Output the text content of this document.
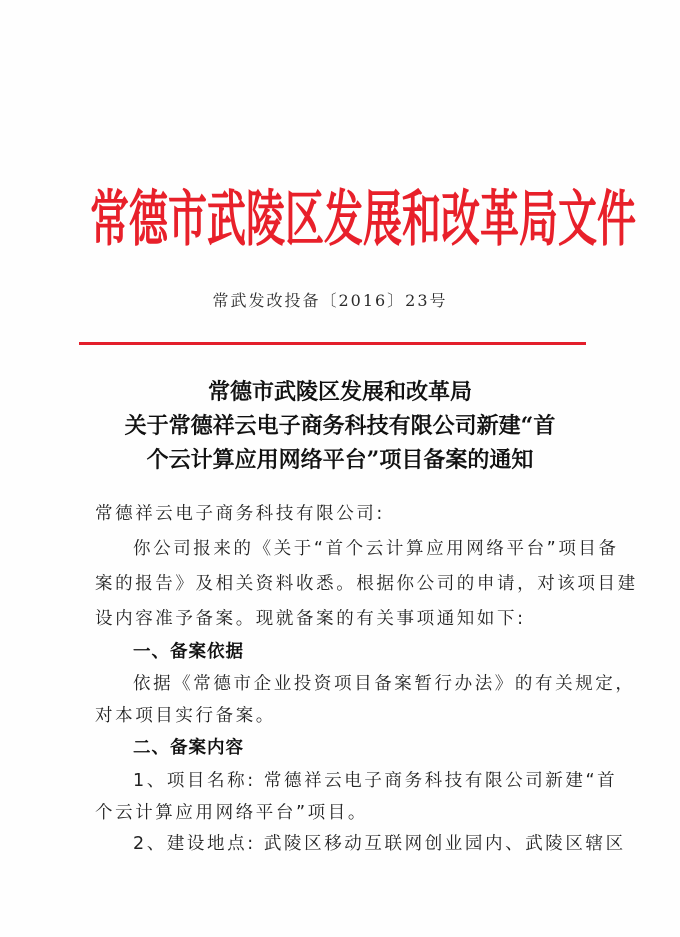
常德市武陵区发展和改革局文件
常武发改投备〔2016〕23号
常德市武陵区发展和改革局
关于常德祥云电子商务科技有限公司新建“首
个云计算应用网络平台”项目备案的通知
常德祥云电子商务科技有限公司:
你公司报来的《关于“首个云计算应用网络平台”项目备
案的报告》及相关资料收悉。根据你公司的申请，对该项目建
设内容准予备案。现就备案的有关事项通知如下:
一、备案依据
依据《常德市企业投资项目备案暂行办法》的有关规定，
对本项目实行备案。
二、备案内容
1、项目名称: 常德祥云电子商务科技有限公司新建“首
个云计算应用网络平台”项目。
2、建设地点: 武陵区移动互联网创业园内、武陵区辖区
